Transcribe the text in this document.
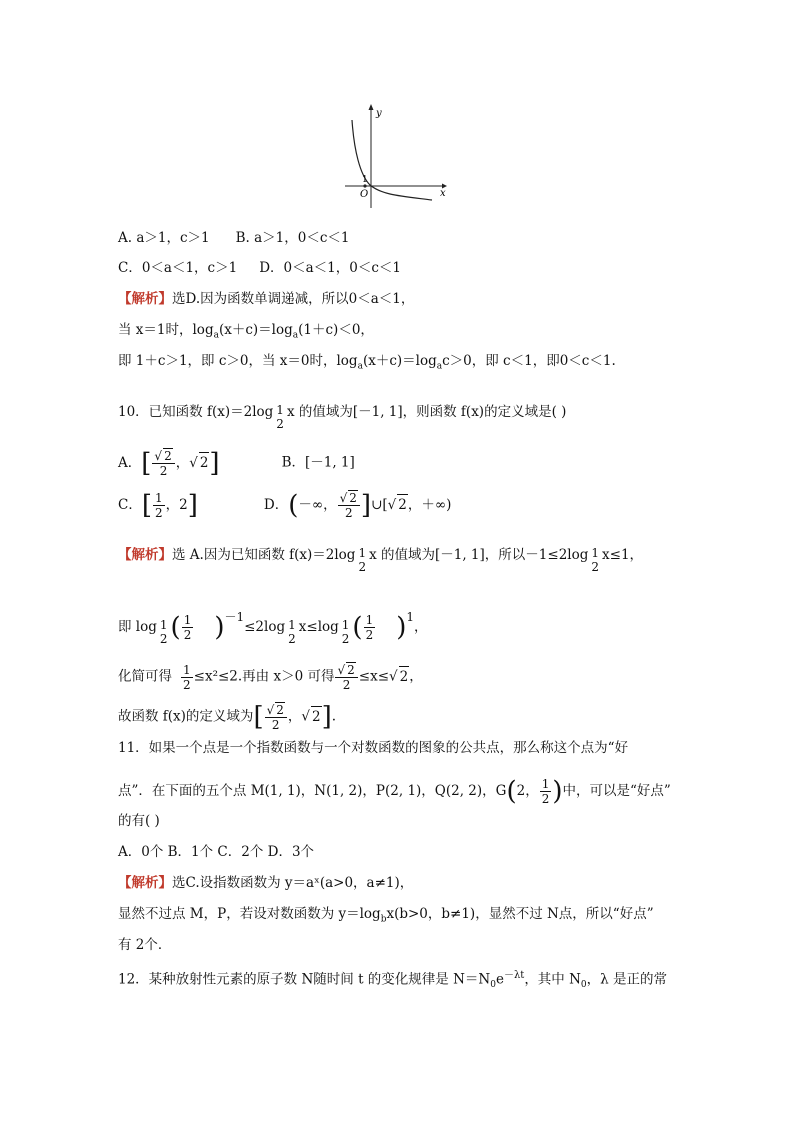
y
x
O
1
A. a＞1，c＞1 B. a＞1，0＜c＜1
C．0＜a＜1，c＞1 D．0＜a＜1，0＜c＜1
【解析】选D.因为函数单调递减，所以0＜a＜1，
当 x＝1时，$\log_a(x+c)=\log_a(1+c)<0$，
即 1＋c＞1，即 c＞0，当 x＝0时，$\log_a(x+c)=\log_ac>0$，即 c＜1，即0＜c＜1.
10．已知函数 f(x)＝2log 1
2
x 的值域为[－1, 1]，则函数 f(x)的定义域是( )
A．[ $\frac{√ 2}{2}$ ，√ 2]	B．[－1, 1]
C．[ $\frac{1}{2}$ ，2]	D．(－∞， $\frac{√ 2}{2}$ ]∪[√ 2，＋∞)
【解析】选 A.因为已知函数 f(x)＝2log 1
2
x 的值域为[－1, 1]，所以－1≤2log 1
2
x≤1，
即 log 1
2 ( $\frac{1}{2} )^{-1}\le 2\log$ 1
2
x≤log 1
2 ( $\frac{1}{2} )^1$，
化简可得 $\frac{1}{2} \le x^2\le 2$.再由 x＞0 可得 $\frac{√ 2}{2} \le x\le√$ 2，
故函数 f(x)的定义域为[ $\frac{√ 2}{2}$ ，√ 2].
11．如果一个点是一个指数函数与一个对数函数的图象的公共点，那么称这个点为“好
点”．在下面的五个点 M(1, 1)，N(1, 2)，P(2, 1)，Q(2, 2)，G(2， $\frac{1}{2}$ )中，可以是“好点”
的有( )
A．0个 B．1个 C．2个 D．3个
【解析】选C.设指数函数为 y＝aˣ(a>0，a≠1)，
显然不过点 M，P，若设对数函数为 $y=\log_bx(b>0$，b≠1)，显然不过 N点，所以“好点”
有 2个．
12．某种放射性元素的原子数 N随时间 t 的变化规律是 $N=N_0e^{-\lambda t}$，其中 $N_0$，λ 是正的常
